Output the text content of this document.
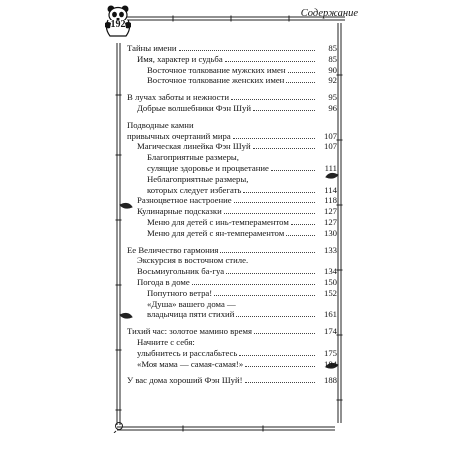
192
Содержание
Тайны имени	85
Имя, характер и судьба	85
Восточное толкование мужских имен	90
Восточное толкование женских имен	92
В лучах заботы и нежности	95
Добрые волшебники Фэн Шуй	96
Подводные камни
привычных очертаний мира	107
Магическая линейка Фэн Шуй	107
Благоприятные размеры,
сулящие здоровье и процветание	111
Неблагоприятные размеры,
которых следует избегать	114
Разноцветное настроение	118
Кулинарные подсказки	127
Меню для детей с инь-темпераментом	127
Меню для детей с ян-темпераментом	130
Ее Величество гармония	133
Экскурсия в восточном стиле.
Восьмиугольник ба-гуа	134
Погода в доме	150
Попутного ветра!	152
«Душа» вашего дома —
владычица пяти стихий	161
Тихий час: золотое мамино время	174
Начните с себя:
улыбнитесь и расслабьтесь	175
«Моя мама — самая-самая!»	184
У вас дома хороший Фэн Шуй!	188
